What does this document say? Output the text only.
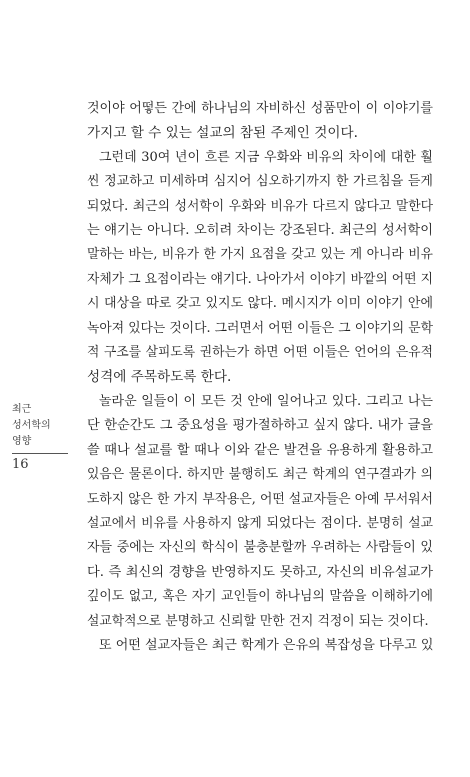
최근
성서학의
영향
16
것이야 어떻든 간에 하나님의 자비하신 성품만이 이 이야기를
가지고 할 수 있는 설교의 참된 주제인 것이다.
그런데 30여 년이 흐른 지금 우화와 비유의 차이에 대한 훨
씬 정교하고 미세하며 심지어 심오하기까지 한 가르침을 듣게
되었다. 최근의 성서학이 우화와 비유가 다르지 않다고 말한다
는 얘기는 아니다. 오히려 차이는 강조된다. 최근의 성서학이
말하는 바는, 비유가 한 가지 요점을 갖고 있는 게 아니라 비유
자체가 그 요점이라는 얘기다. 나아가서 이야기 바깥의 어떤 지
시 대상을 따로 갖고 있지도 않다. 메시지가 이미 이야기 안에
녹아져 있다는 것이다. 그러면서 어떤 이들은 그 이야기의 문학
적 구조를 살피도록 권하는가 하면 어떤 이들은 언어의 은유적
성격에 주목하도록 한다.
놀라운 일들이 이 모든 것 안에 일어나고 있다. 그리고 나는
단 한순간도 그 중요성을 평가절하하고 싶지 않다. 내가 글을
쓸 때나 설교를 할 때나 이와 같은 발견을 유용하게 활용하고
있음은 물론이다. 하지만 불행히도 최근 학계의 연구결과가 의
도하지 않은 한 가지 부작용은, 어떤 설교자들은 아예 무서워서
설교에서 비유를 사용하지 않게 되었다는 점이다. 분명히 설교
자들 중에는 자신의 학식이 불충분할까 우려하는 사람들이 있
다. 즉 최신의 경향을 반영하지도 못하고, 자신의 비유설교가
깊이도 없고, 혹은 자기 교인들이 하나님의 말씀을 이해하기에
설교학적으로 분명하고 신뢰할 만한 건지 걱정이 되는 것이다.
또 어떤 설교자들은 최근 학계가 은유의 복잡성을 다루고 있
